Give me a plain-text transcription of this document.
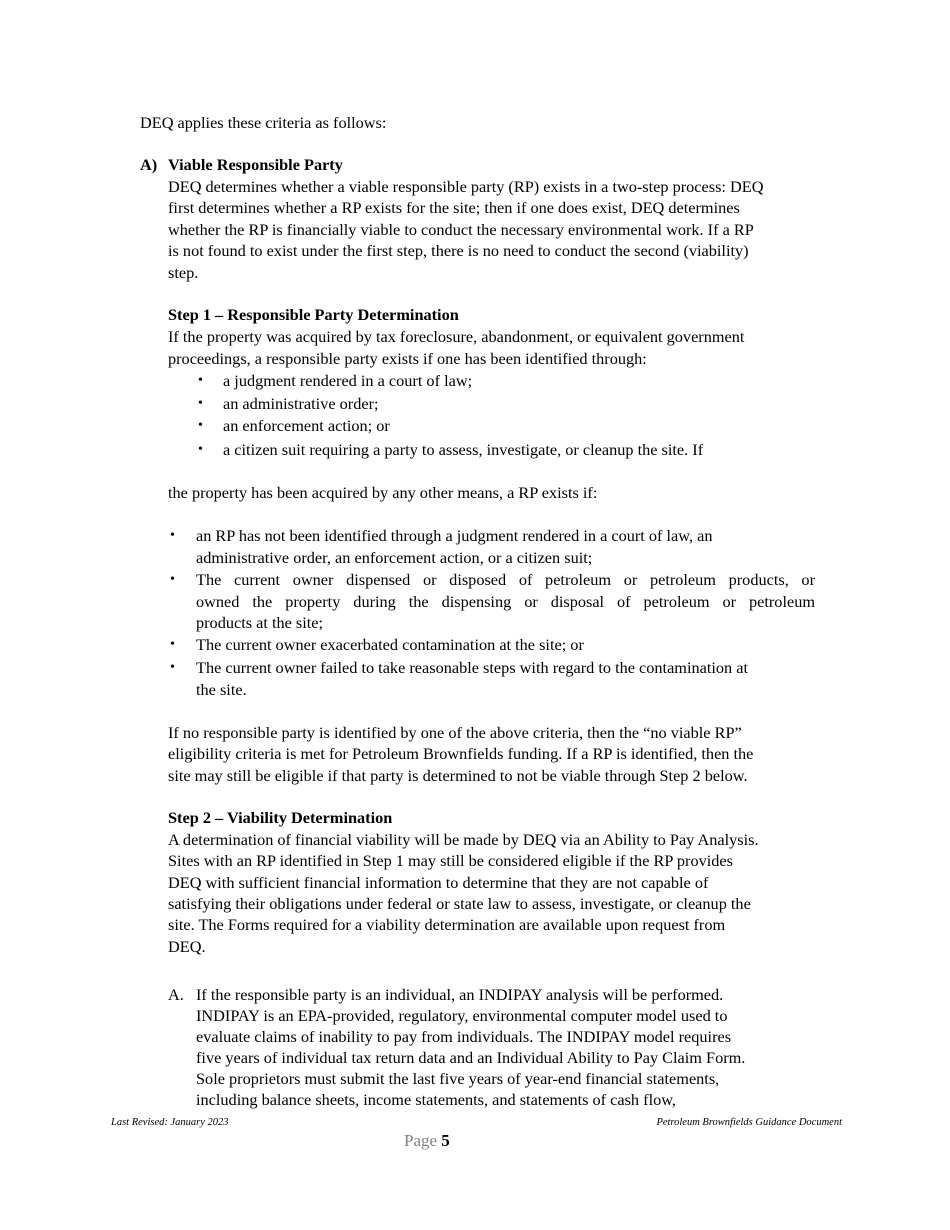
DEQ applies these criteria as follows:
A) Viable Responsible Party
DEQ determines whether a viable responsible party (RP) exists in a two-step process: DEQ
first determines whether a RP exists for the site; then if one does exist, DEQ determines
whether the RP is financially viable to conduct the necessary environmental work. If a RP
is not found to exist under the first step, there is no need to conduct the second (viability)
step.
Step 1 – Responsible Party Determination
If the property was acquired by tax foreclosure, abandonment, or equivalent government
proceedings, a responsible party exists if one has been identified through:
• a judgment rendered in a court of law;
• an administrative order;
• an enforcement action; or
• a citizen suit requiring a party to assess, investigate, or cleanup the site. If
the property has been acquired by any other means, a RP exists if:
• an RP has not been identified through a judgment rendered in a court of law, an
administrative order, an enforcement action, or a citizen suit;
• The current owner dispensed or disposed of petroleum or petroleum products, or
owned the property during the dispensing or disposal of petroleum or petroleum
products at the site;
• The current owner exacerbated contamination at the site; or
• The current owner failed to take reasonable steps with regard to the contamination at
the site.
If no responsible party is identified by one of the above criteria, then the “no viable RP”
eligibility criteria is met for Petroleum Brownfields funding. If a RP is identified, then the
site may still be eligible if that party is determined to not be viable through Step 2 below.
Step 2 – Viability Determination
A determination of financial viability will be made by DEQ via an Ability to Pay Analysis.
Sites with an RP identified in Step 1 may still be considered eligible if the RP provides
DEQ with sufficient financial information to determine that they are not capable of
satisfying their obligations under federal or state law to assess, investigate, or cleanup the
site. The Forms required for a viability determination are available upon request from
DEQ.
A. If the responsible party is an individual, an INDIPAY analysis will be performed.
INDIPAY is an EPA-provided, regulatory, environmental computer model used to
evaluate claims of inability to pay from individuals. The INDIPAY model requires
five years of individual tax return data and an Individual Ability to Pay Claim Form.
Sole proprietors must submit the last five years of year-end financial statements,
including balance sheets, income statements, and statements of cash flow,
Last Revised: January 2023	Petroleum Brownfields Guidance Document
Page 5
